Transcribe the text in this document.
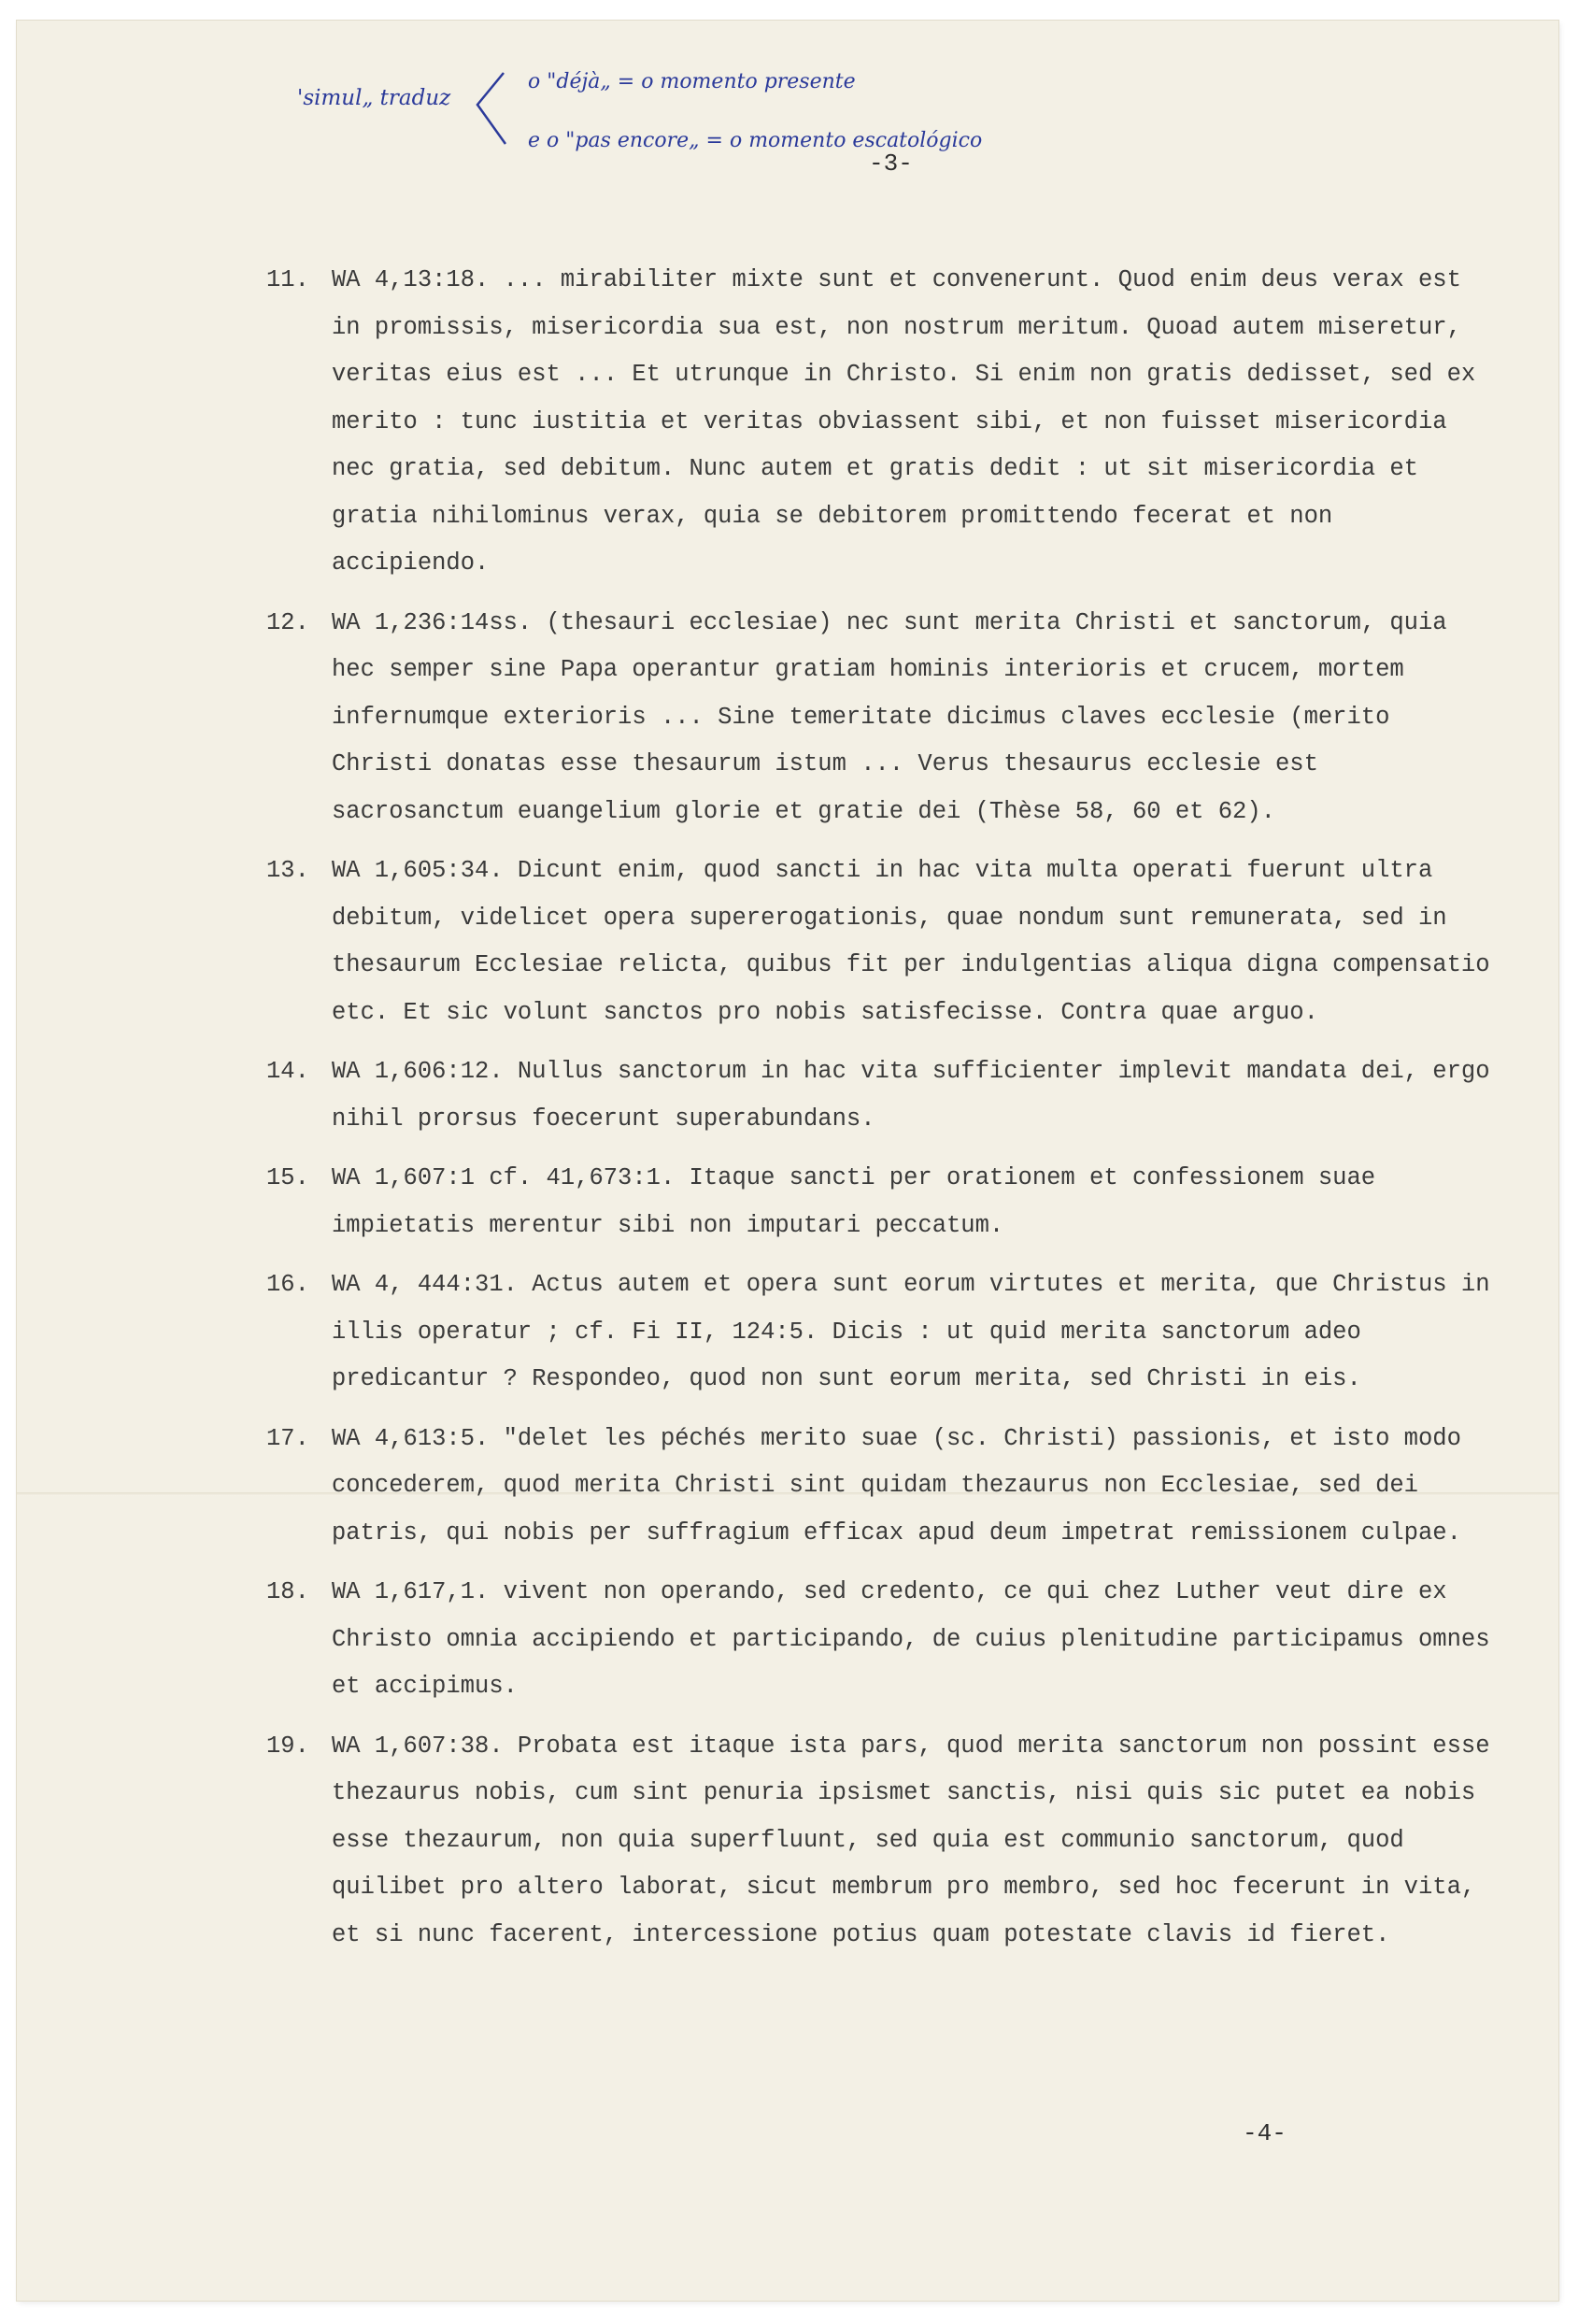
'simul„ traduz
o "déjà„ = o momento presente
e o "pas encore„ = o momento escatológico
-3-
11. WA 4,13:18. ... mirabiliter mixte sunt et convenerunt. Quod enim deus verax est in promissis, misericordia sua est, non nostrum meritum. Quoad autem miseretur, veritas eius est ... Et utrunque in Christo. Si enim non gratis dedisset, sed ex merito : tunc iustitia et veritas obviassent sibi, et non fuisset misericordia nec gratia, sed debitum. Nunc autem et gratis dedit : ut sit misericordia et gratia nihilominus verax, quia se debitorem promittendo fecerat et non accipiendo.
12. WA 1,236:14ss. (thesauri ecclesiae) nec sunt merita Christi et sanctorum, quia hec semper sine Papa operantur gratiam hominis interioris et crucem, mortem infernumque exterioris ... Sine temeritate dicimus claves ecclesie (merito Christi donatas esse thesaurum istum ... Verus thesaurus ecclesie est sacrosanctum euangelium glorie et gratie dei (Thèse 58, 60 et 62).
13. WA 1,605:34. Dicunt enim, quod sancti in hac vita multa operati fuerunt ultra debitum, videlicet opera supererogationis, quae nondum sunt remunerata, sed in thesaurum Ecclesiae relicta, quibus fit per indulgentias aliqua digna compensatio etc. Et sic volunt sanctos pro nobis satisfecisse. Contra quae arguo.
14. WA 1,606:12. Nullus sanctorum in hac vita sufficienter implevit mandata dei, ergo nihil prorsus foecerunt superabundans.
15. WA 1,607:1 cf. 41,673:1. Itaque sancti per orationem et confessionem suae impietatis merentur sibi non imputari peccatum.
16. WA 4, 444:31. Actus autem et opera sunt eorum virtutes et merita, que Christus in illis operatur ; cf. Fi II, 124:5. Dicis : ut quid merita sanctorum adeo predicantur ? Respondeo, quod non sunt eorum merita, sed Christi in eis.
17. WA 4,613:5. "delet les péchés merito suae (sc. Christi) passionis, et isto modo concederem, quod merita Christi sint quidam thezaurus non Ecclesiae, sed dei patris, qui nobis per suffragium efficax apud deum impetrat remissionem culpae.
18. WA 1,617,1. vivent non operando, sed credento, ce qui chez Luther veut dire ex Christo omnia accipiendo et participando, de cuius plenitudine participamus omnes et accipimus.
19. WA 1,607:38. Probata est itaque ista pars, quod merita sanctorum non possint esse thezaurus nobis, cum sint penuria ipsismet sanctis, nisi quis sic putet ea nobis esse thezaurum, non quia superfluunt, sed quia est communio sanctorum, quod quilibet pro altero laborat, sicut membrum pro membro, sed hoc fecerunt in vita, et si nunc facerent, intercessione potius quam potestate clavis id fieret.
-4-
